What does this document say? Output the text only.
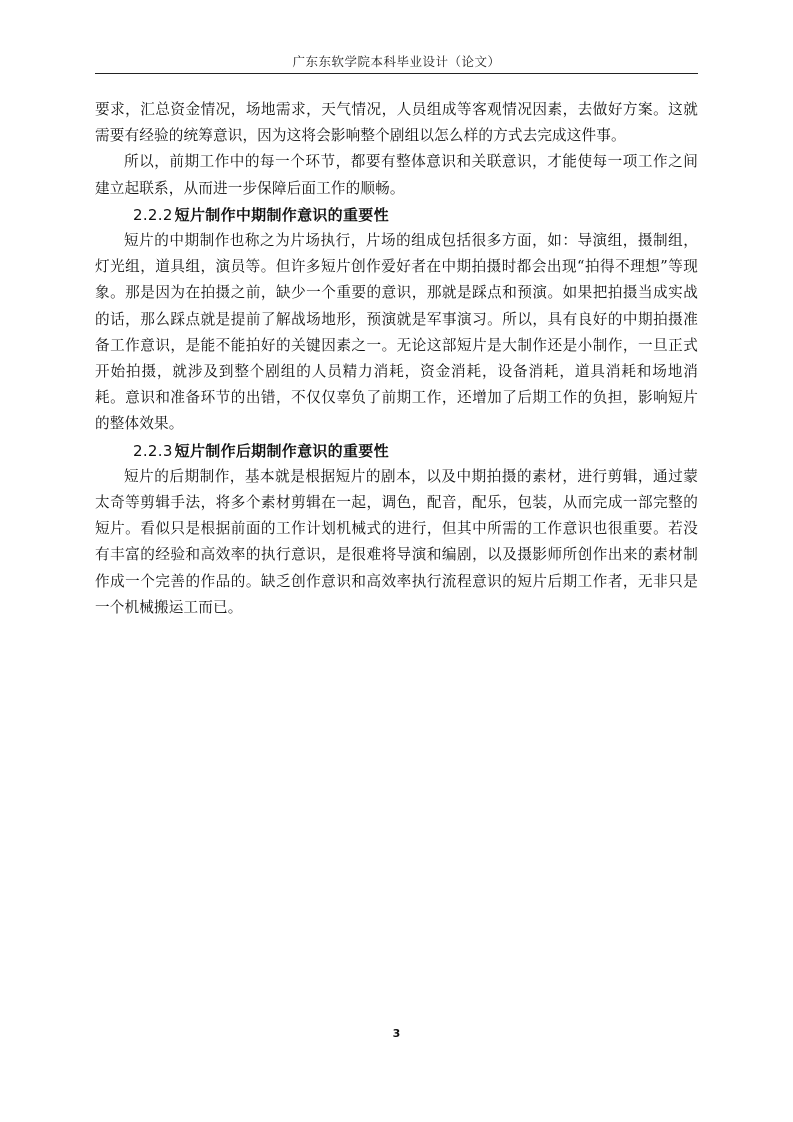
广东东软学院本科毕业设计（论文）

要求，汇总资金情况，场地需求，天气情况，人员组成等客观情况因素，去做好方案。这就需要有经验的统筹意识，因为这将会影响整个剧组以怎么样的方式去完成这件事。

所以，前期工作中的每一个环节，都要有整体意识和关联意识，才能使每一项工作之间建立起联系，从而进一步保障后面工作的顺畅。

2.2.2 短片制作中期制作意识的重要性

短片的中期制作也称之为片场执行，片场的组成包括很多方面，如：导演组，摄制组，灯光组，道具组，演员等。但许多短片创作爱好者在中期拍摄时都会出现“拍得不理想”等现象。那是因为在拍摄之前，缺少一个重要的意识，那就是踩点和预演。如果把拍摄当成实战的话，那么踩点就是提前了解战场地形，预演就是军事演习。所以，具有良好的中期拍摄准备工作意识，是能不能拍好的关键因素之一。无论这部短片是大制作还是小制作，一旦正式开始拍摄，就涉及到整个剧组的人员精力消耗，资金消耗，设备消耗，道具消耗和场地消耗。意识和准备环节的出错，不仅仅辜负了前期工作，还增加了后期工作的负担，影响短片的整体效果。

2.2.3 短片制作后期制作意识的重要性

短片的后期制作，基本就是根据短片的剧本，以及中期拍摄的素材，进行剪辑，通过蒙太奇等剪辑手法，将多个素材剪辑在一起，调色，配音，配乐，包装，从而完成一部完整的短片。看似只是根据前面的工作计划机械式的进行，但其中所需的工作意识也很重要。若没有丰富的经验和高效率的执行意识，是很难将导演和编剧，以及摄影师所创作出来的素材制作成一个完善的作品的。缺乏创作意识和高效率执行流程意识的短片后期工作者，无非只是一个机械搬运工而已。

3
